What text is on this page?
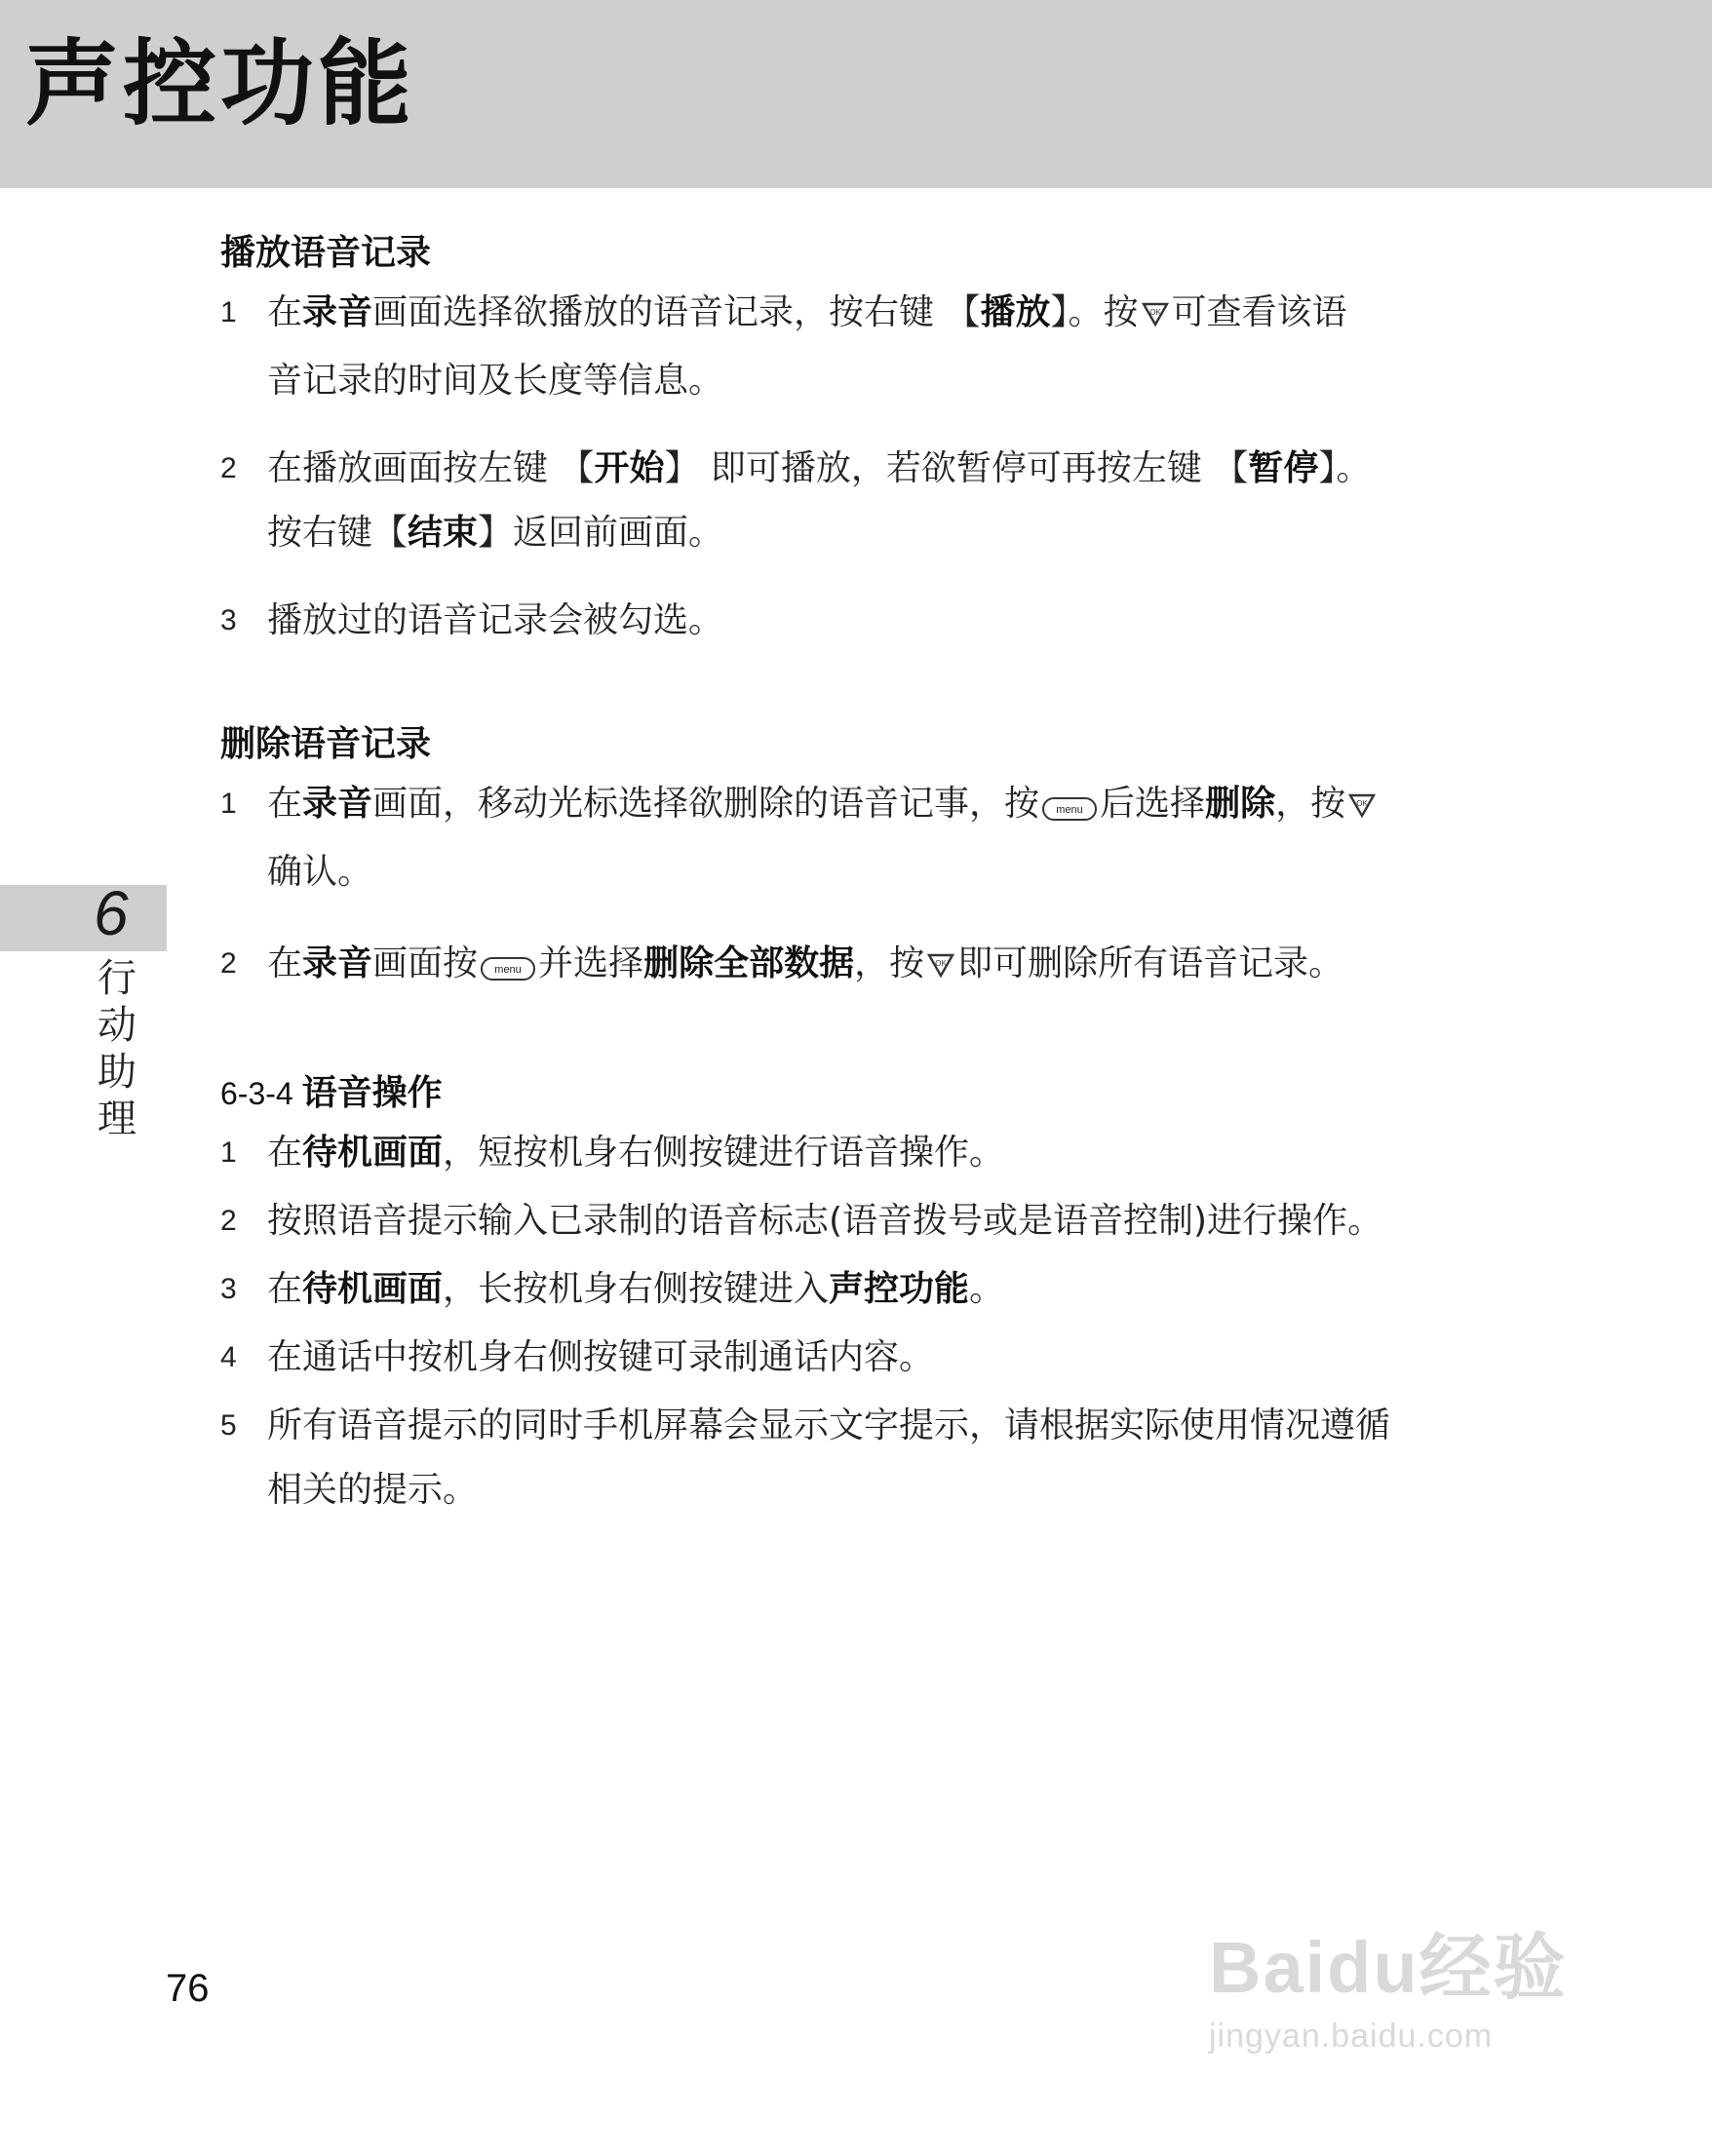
声控功能
6
行动助理
播放语音记录
1 在录音画面选择欲播放的语音记录，按右键 【播放】。按 OK 可查看该语
音记录的时间及长度等信息。
2 在播放画面按左键 【开始】 即可播放，若欲暂停可再按左键 【暂停】。
按右键【结束】返回前画面。
3 播放过的语音记录会被勾选。
删除语音记录
1 在录音画面，移动光标选择欲删除的语音记事，按 menu 后选择删除，按 OK
确认。
2 在录音画面按 menu 并选择删除全部数据，按 OK 即可删除所有语音记录。
6-3-4 语音操作
1 在待机画面，短按机身右侧按键进行语音操作。
2 按照语音提示输入已录制的语音标志(语音拨号或是语音控制)进行操作。
3 在待机画面，长按机身右侧按键进入声控功能。
4 在通话中按机身右侧按键可录制通话内容。
5 所有语音提示的同时手机屏幕会显示文字提示，请根据实际使用情况遵循
相关的提示。
76	Baidu经验
jingyan.baidu.com
